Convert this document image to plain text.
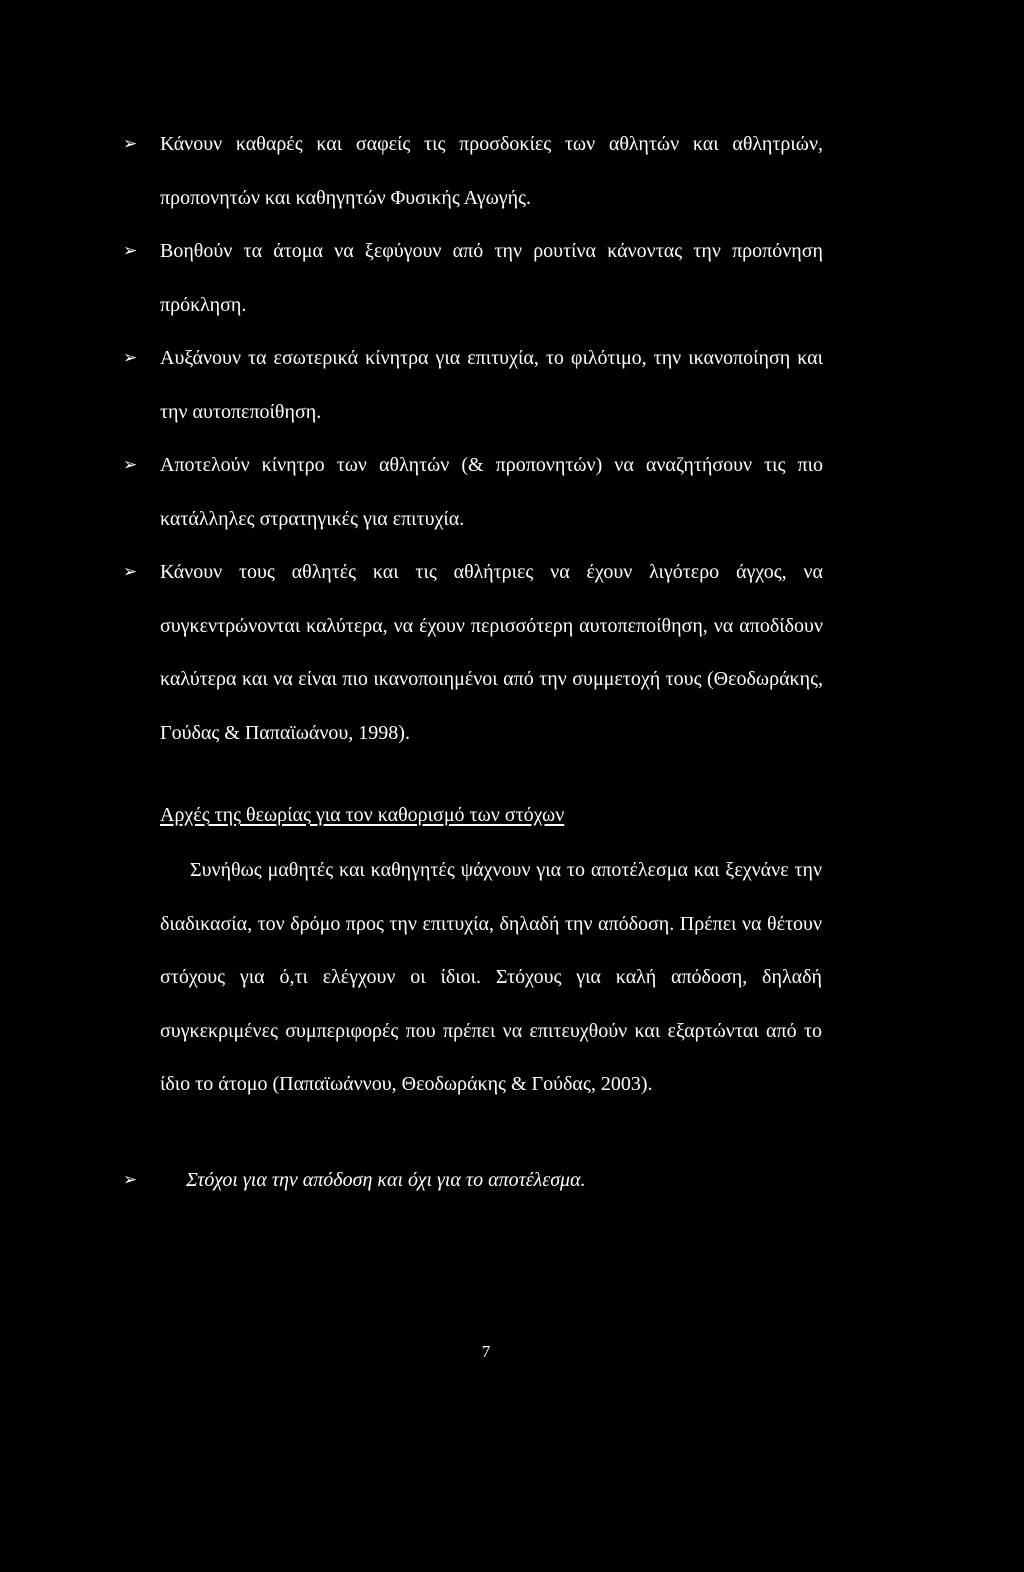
➢ Κάνουν καθαρές και σαφείς τις προσδοκίες των αθλητών και αθλητριών, προπονητών και καθηγητών Φυσικής Αγωγής.
➢ Βοηθούν τα άτομα να ξεφύγουν από την ρουτίνα κάνοντας την προπόνηση πρόκληση.
➢ Αυξάνουν τα εσωτερικά κίνητρα για επιτυχία, το φιλότιμο, την ικανοποίηση και την αυτοπεποίθηση.
➢ Αποτελούν κίνητρο των αθλητών (& προπονητών) να αναζητήσουν τις πιο κατάλληλες στρατηγικές για επιτυχία.
➢ Κάνουν τους αθλητές και τις αθλήτριες να έχουν λιγότερο άγχος, να συγκεντρώνονται καλύτερα, να έχουν περισσότερη αυτοπεποίθηση, να αποδίδουν καλύτερα και να είναι πιο ικανοποιημένοι από την συμμετοχή τους (Θεοδωράκης, Γούδας & Παπαϊωάνου, 1998).
Αρχές της θεωρίας για τον καθορισμό των στόχων

Συνήθως μαθητές και καθηγητές ψάχνουν για το αποτέλεσμα και ξεχνάνε την διαδικασία, τον δρόμο προς την επιτυχία, δηλαδή την απόδοση. Πρέπει να θέτουν στόχους για ό,τι ελέγχουν οι ίδιοι. Στόχους για καλή απόδοση, δηλαδή συγκεκριμένες συμπεριφορές που πρέπει να επιτευχθούν και εξαρτώνται από το ίδιο το άτομο (Παπαϊωάννου, Θεοδωράκης & Γούδας, 2003).

➢ Στόχοι για την απόδοση και όχι για το αποτέλεσμα.
7
